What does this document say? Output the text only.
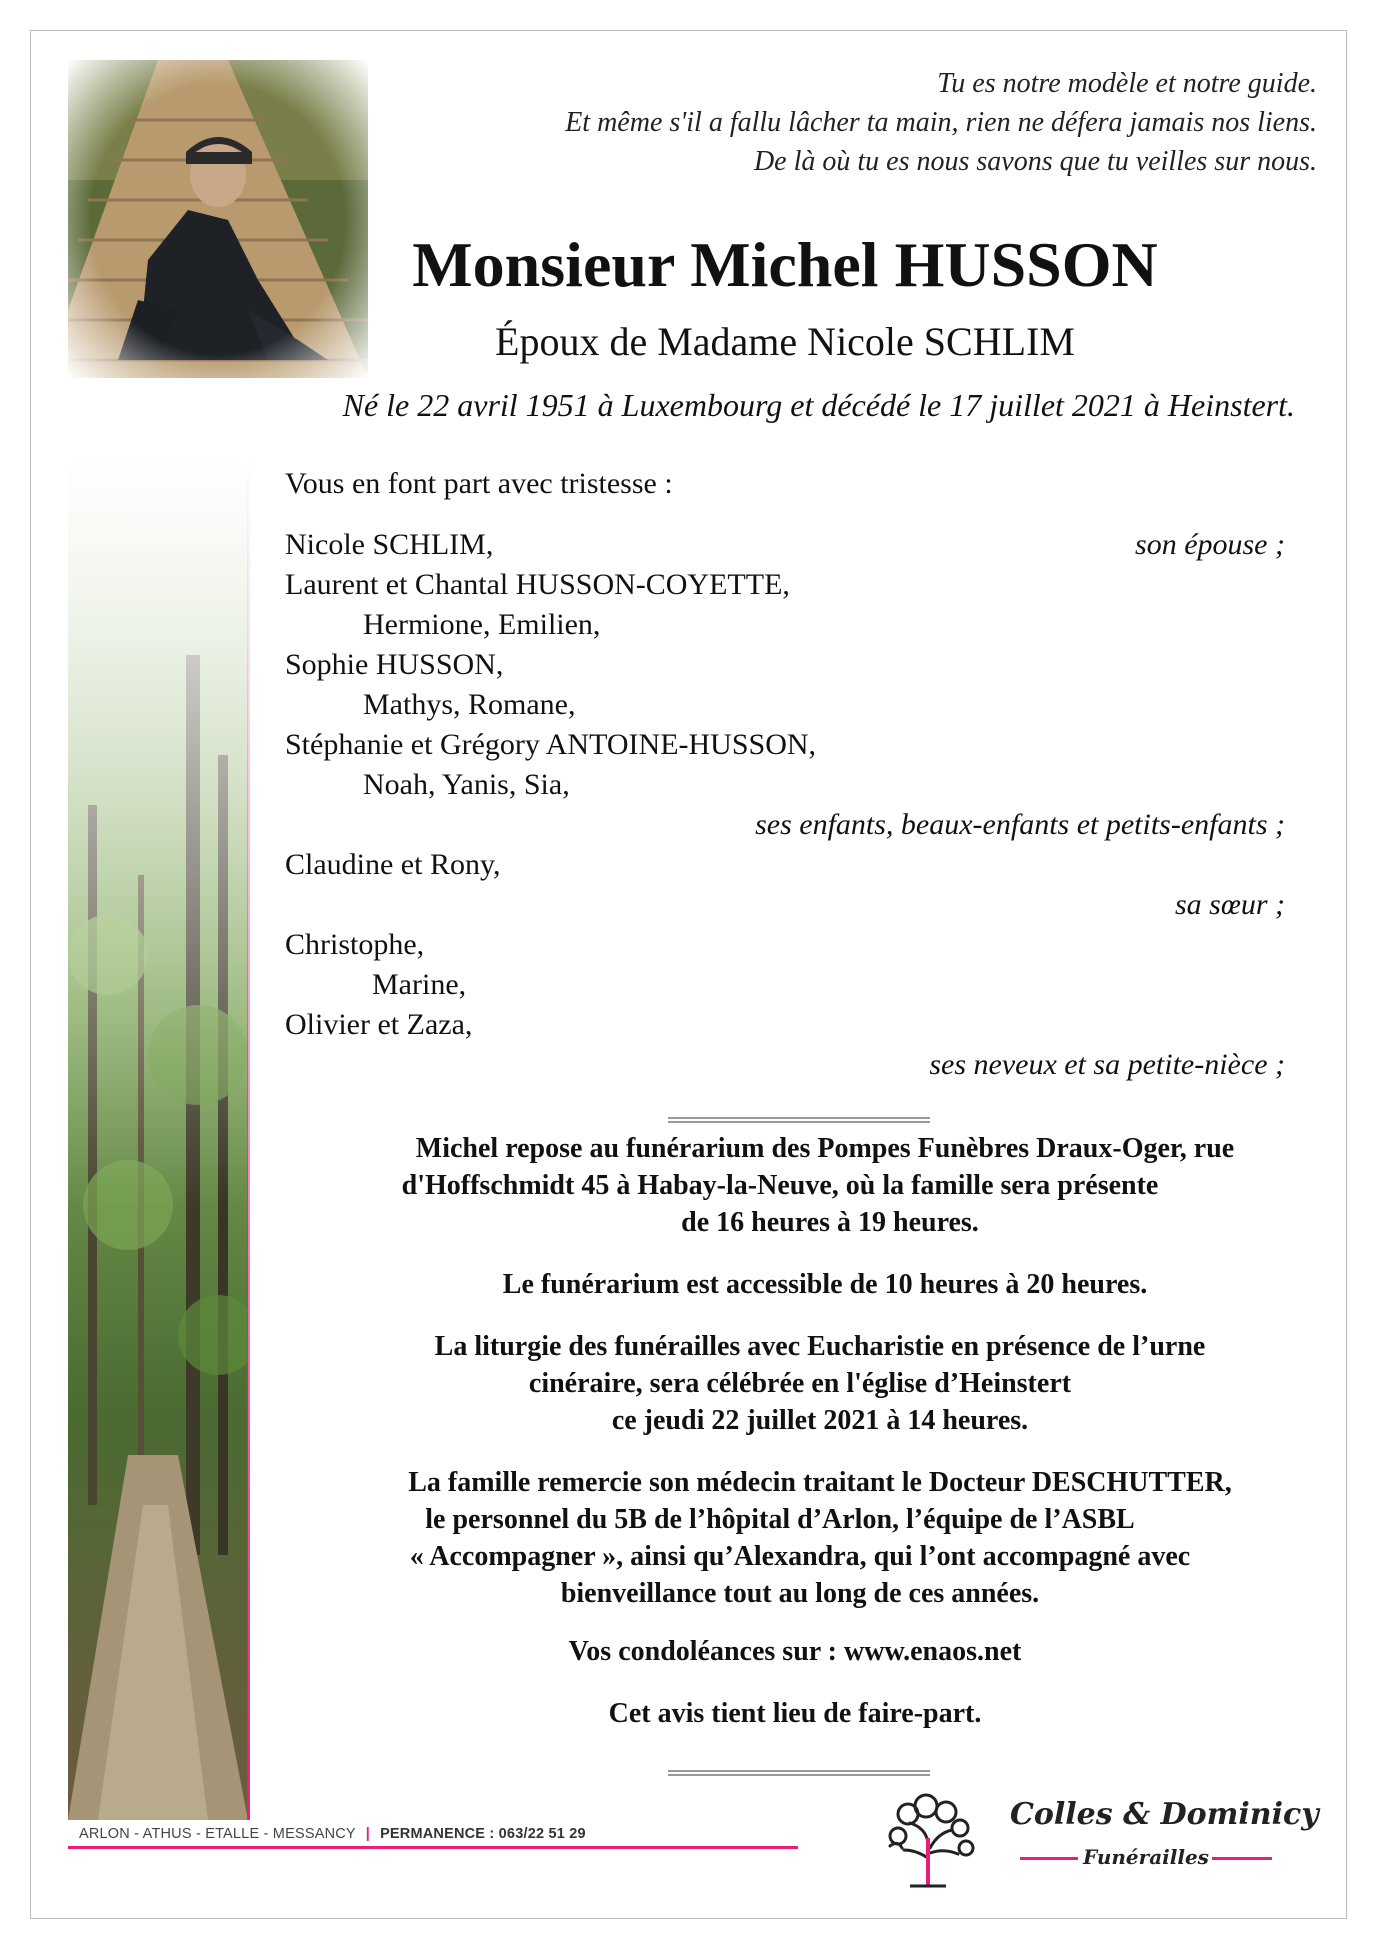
Tu es notre modèle et notre guide.
Et même s'il a fallu lâcher ta main, rien ne défera jamais nos liens.
De là où tu es nous savons que tu veilles sur nous.
Monsieur Michel HUSSON
Époux de Madame Nicole SCHLIM
Né le 22 avril 1951 à Luxembourg et décédé le 17 juillet 2021 à Heinstert.
Vous en font part avec tristesse :
Nicole SCHLIM,	son épouse ;
Laurent et Chantal HUSSON-COYETTE,
Hermione, Emilien,
Sophie HUSSON,
Mathys, Romane,
Stéphanie et Grégory ANTOINE-HUSSON,
Noah, Yanis, Sia,
ses enfants, beaux-enfants et petits-enfants ;
Claudine et Rony,
sa sœur ;
Christophe,
Marine,
Olivier et Zaza,
ses neveux et sa petite-nièce ;
Michel repose au funérarium des Pompes Funèbres Draux-Oger, rue
d'Hoffschmidt 45 à Habay-la-Neuve, où la famille sera présente
de 16 heures à 19 heures.
Le funérarium est accessible de 10 heures à 20 heures.
La liturgie des funérailles avec Eucharistie en présence de l’urne
cinéraire, sera célébrée en l'église d’Heinstert
ce jeudi 22 juillet 2021 à 14 heures.
La famille remercie son médecin traitant le Docteur DESCHUTTER,
le personnel du 5B de l’hôpital d’Arlon, l’équipe de l’ASBL
« Accompagner », ainsi qu’Alexandra, qui l’ont accompagné avec
bienveillance tout au long de ces années.
Vos condoléances sur : www.enaos.net
Cet avis tient lieu de faire-part.
ARLON - ATHUS - ETALLE - MESSANCY | PERMANENCE : 063/22 51 29
Colles & Dominicy
Funérailles
